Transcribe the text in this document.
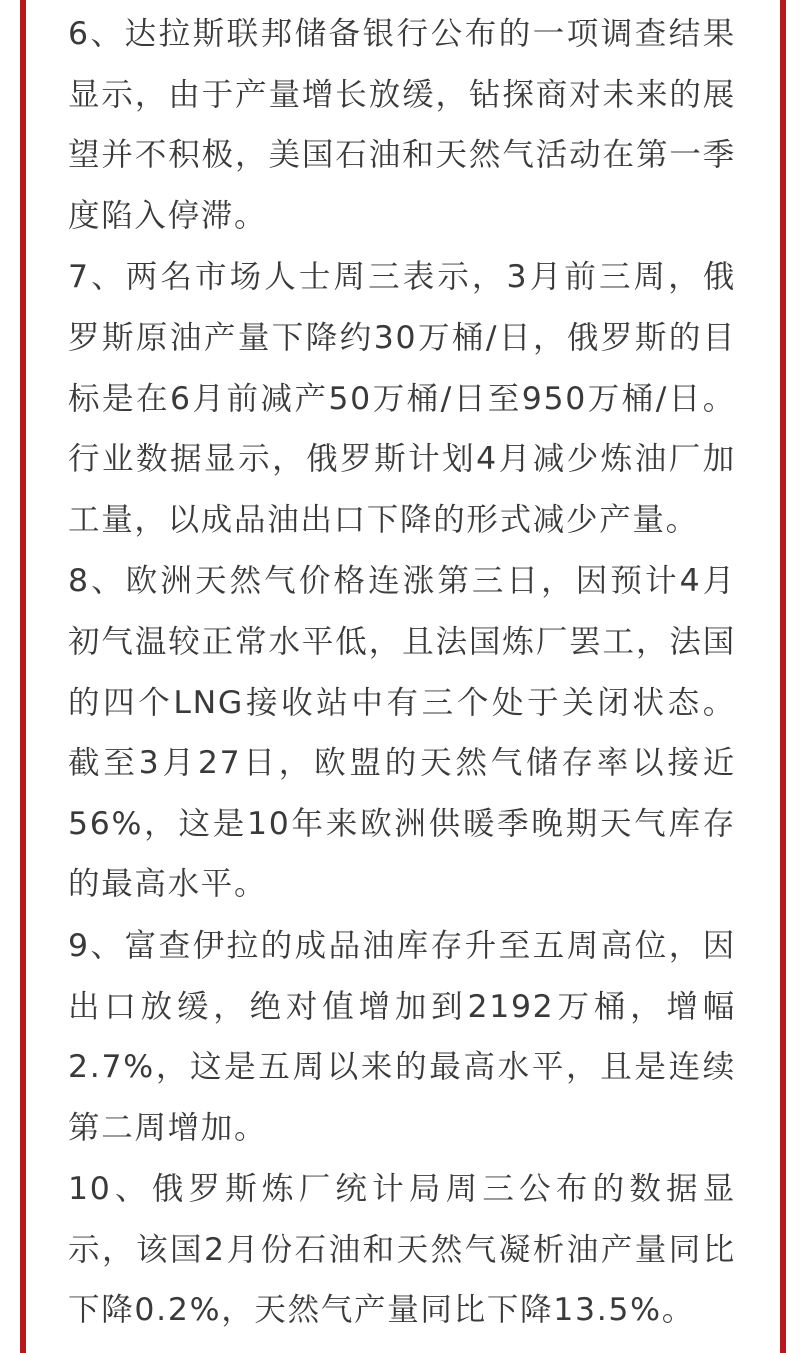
6、达拉斯联邦储备银行公布的一项调查结果显示，由于产量增长放缓，钻探商对未来的展望并不积极，美国石油和天然气活动在第一季度陷入停滞。

7、两名市场人士周三表示，3月前三周，俄罗斯原油产量下降约30万桶/日，俄罗斯的目标是在6月前减产50万桶/日至950万桶/日。行业数据显示，俄罗斯计划4月减少炼油厂加工量，以成品油出口下降的形式减少产量。

8、欧洲天然气价格连涨第三日，因预计4月初气温较正常水平低，且法国炼厂罢工，法国的四个LNG接收站中有三个处于关闭状态。截至3月27日，欧盟的天然气储存率以接近56%，这是10年来欧洲供暖季晚期天气库存的最高水平。

9、富查伊拉的成品油库存升至五周高位，因出口放缓，绝对值增加到2192万桶，增幅2.7%，这是五周以来的最高水平，且是连续第二周增加。

10、俄罗斯炼厂统计局周三公布的数据显示，该国2月份石油和天然气凝析油产量同比下降0.2%，天然气产量同比下降13.5%。
